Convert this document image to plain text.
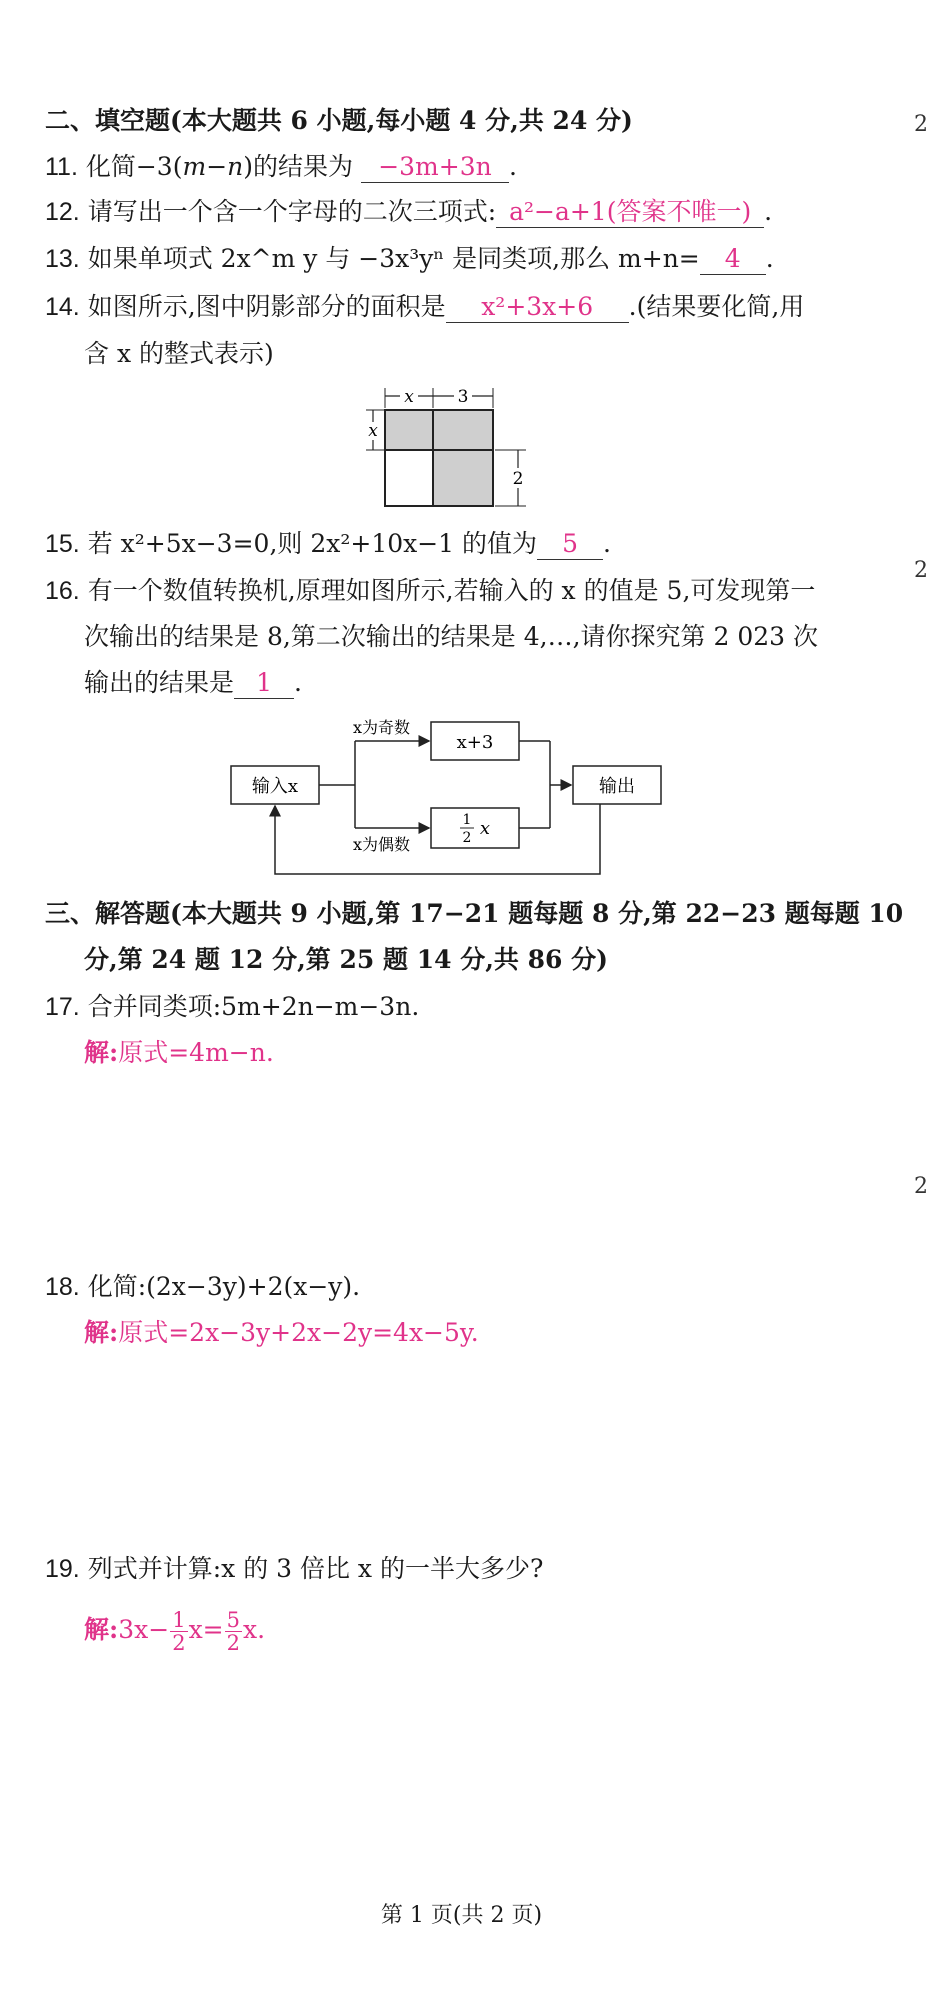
2
2
2
二、填空题(本大题共 6 小题,每小题 4 分,共 24 分)
11. 化简−3(m−n)的结果为 −3m+3n .
12. 请写出一个含一个字母的二次三项式: a²−a+1(答案不唯一) .
13. 如果单项式 2x^m y 与 −3x³yⁿ 是同类项,那么 m+n= 4 .
14. 如图所示,图中阴影部分的面积是 x²+3x+6 .(结果要化简,用
含 x 的整式表示)
x	3
x
2
15. 若 x²+5x−3=0,则 2x²+10x−1 的值为 5 .
16. 有一个数值转换机,原理如图所示,若输入的 x 的值是 5,可发现第一
次输出的结果是 8,第二次输出的结果是 4,…,请你探究第 2 023 次
输出的结果是 1 .
输入x
x+3
1
2 x
输出
x为奇数
x为偶数
三、解答题(本大题共 9 小题,第 17−21 题每题 8 分,第 22−23 题每题 10
分,第 24 题 12 分,第 25 题 14 分,共 86 分)
17. 合并同类项:5m+2n−m−3n.
解:原式=4m−n.
18. 化简:(2x−3y)+2(x−y).
解:原式=2x−3y+2x−2y=4x−5y.
19. 列式并计算:x 的 3 倍比 x 的一半大多少?
解:3x− $\frac{1}{2} x= \frac{5}{2} x$.
第 1 页(共 2 页)
